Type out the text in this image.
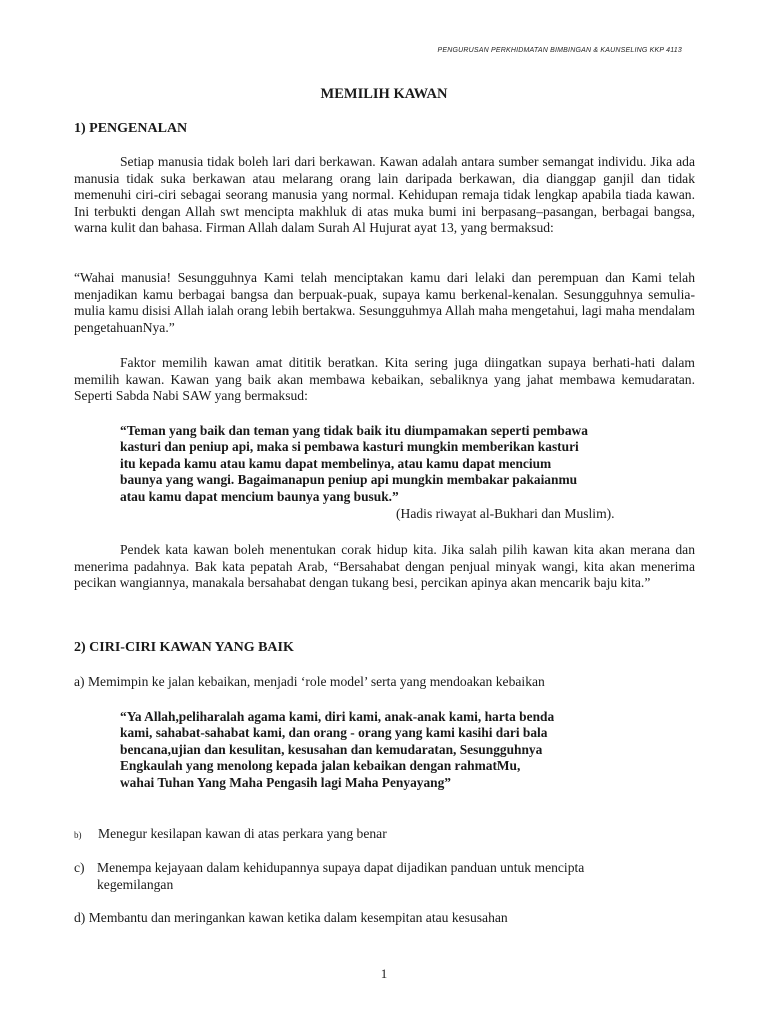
PENGURUSAN PERKHIDMATAN BIMBINGAN & KAUNSELING KKP 4113
MEMILIH KAWAN
1) PENGENALAN

Setiap manusia tidak boleh lari dari berkawan. Kawan adalah antara sumber semangat individu. Jika ada manusia tidak suka berkawan atau melarang orang lain daripada berkawan, dia dianggap ganjil dan tidak memenuhi ciri-ciri sebagai seorang manusia yang normal. Kehidupan remaja tidak lengkap apabila tiada kawan. Ini terbukti dengan Allah swt mencipta makhluk di atas muka bumi ini berpasang–pasangan, berbagai bangsa, warna kulit dan bahasa. Firman Allah dalam Surah Al Hujurat ayat 13, yang bermaksud:

“Wahai manusia! Sesungguhnya Kami telah menciptakan kamu dari lelaki dan perempuan dan Kami telah menjadikan kamu berbagai bangsa dan berpuak-puak, supaya kamu berkenal-kenalan. Sesungguhnya semulia-mulia kamu disisi Allah ialah orang lebih bertakwa. Sesungguhmya Allah maha mengetahui, lagi maha mendalam pengetahuanNya.”

Faktor memilih kawan amat dititik beratkan. Kita sering juga diingatkan supaya berhati-hati dalam memilih kawan. Kawan yang baik akan membawa kebaikan, sebaliknya yang jahat membawa kemudaratan. Seperti Sabda Nabi SAW yang bermaksud:

“Teman yang baik dan teman yang tidak baik itu diumpamakan seperti pembawa
kasturi dan peniup api, maka si pembawa kasturi mungkin memberikan kasturi
itu kepada kamu atau kamu dapat membelinya, atau kamu dapat mencium
baunya yang wangi. Bagaimanapun peniup api mungkin membakar pakaianmu
atau kamu dapat mencium baunya yang busuk.”
(Hadis riwayat al-Bukhari dan Muslim).

Pendek kata kawan boleh menentukan corak hidup kita. Jika salah pilih kawan kita akan merana dan menerima padahnya. Bak kata pepatah Arab, “Bersahabat dengan penjual minyak wangi, kita akan menerima pecikan wangiannya, manakala bersahabat dengan tukang besi, percikan apinya akan mencarik baju kita.”

2) CIRI-CIRI KAWAN YANG BAIK
a) Memimpin ke jalan kebaikan, menjadi ‘role model’ serta yang mendoakan kebaikan
“Ya Allah,peliharalah agama kami, diri kami, anak-anak kami, harta benda
kami, sahabat-sahabat kami, dan orang - orang yang kami kasihi dari bala
bencana,ujian dan kesulitan, kesusahan dan kemudaratan, Sesungguhnya
Engkaulah yang menolong kepada jalan kebaikan dengan rahmatMu,
wahai Tuhan Yang Maha Pengasih lagi Maha Penyayang”
b) Menegur kesilapan kawan di atas perkara yang benar
c) Menempa kejayaan dalam kehidupannya supaya dapat dijadikan panduan untuk mencipta
kegemilangan
d) Membantu dan meringankan kawan ketika dalam kesempitan atau kesusahan
1
